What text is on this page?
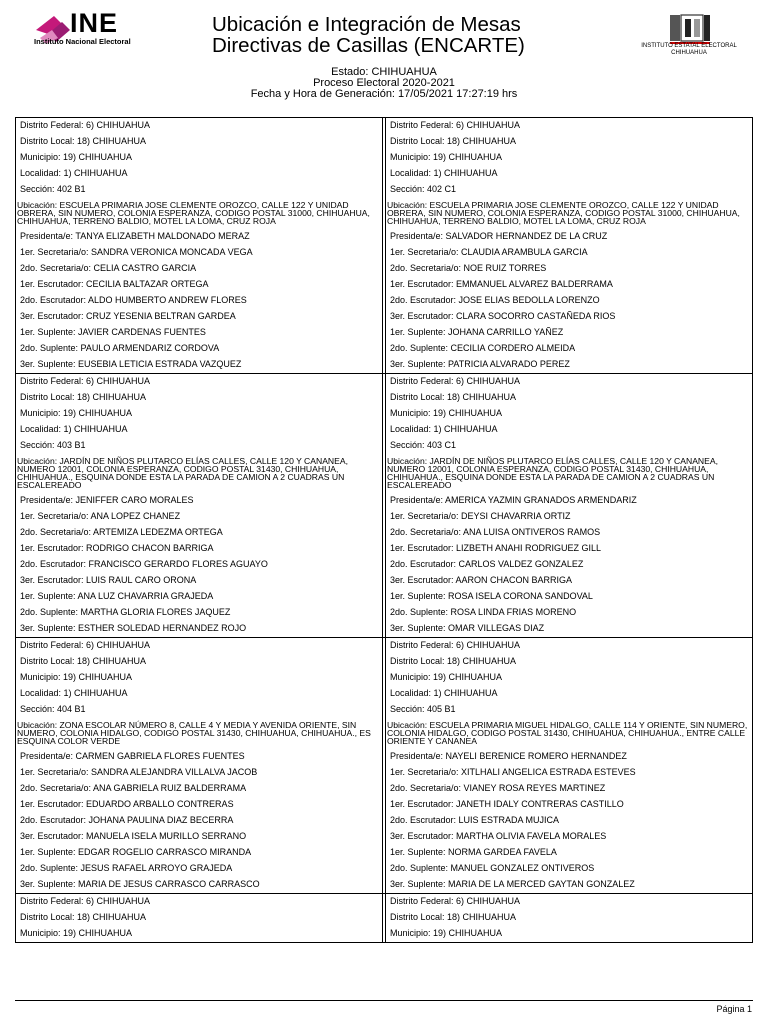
INE
Instituto Nacional Electoral
Ubicación e Integración de Mesas
Directivas de Casillas (ENCARTE)	INSTITUTO ESTATAL ELECTORAL
CHIHUAHUA
Estado: CHIHUAHUA
Proceso Electoral 2020-2021
Fecha y Hora de Generación: 17/05/2021 17:27:19 hrs
Distrito Federal: 6) CHIHUAHUA
Distrito Local: 18) CHIHUAHUA
Municipio: 19) CHIHUAHUA
Localidad: 1) CHIHUAHUA
Sección: 402 B1
Ubicación: ESCUELA PRIMARIA JOSE CLEMENTE OROZCO, CALLE 122 Y UNIDAD OBRERA, SIN NUMERO, COLONIA ESPERANZA, CODIGO POSTAL 31000, CHIHUAHUA, CHIHUAHUA, TERRENO BALDIO, MOTEL LA LOMA, CRUZ ROJA
Presidenta/e: TANYA ELIZABETH MALDONADO MERAZ
1er. Secretaria/o: SANDRA VERONICA MONCADA VEGA
2do. Secretaria/o: CELIA CASTRO GARCIA
1er. Escrutador: CECILIA BALTAZAR ORTEGA
2do. Escrutador: ALDO HUMBERTO ANDREW FLORES
3er. Escrutador: CRUZ YESENIA BELTRAN GARDEA
1er. Suplente: JAVIER CARDENAS FUENTES
2do. Suplente: PAULO ARMENDARIZ CORDOVA
3er. Suplente: EUSEBIA LETICIA ESTRADA VAZQUEZ
Distrito Federal: 6) CHIHUAHUA
Distrito Local: 18) CHIHUAHUA
Municipio: 19) CHIHUAHUA
Localidad: 1) CHIHUAHUA
Sección: 402 C1
Ubicación: ESCUELA PRIMARIA JOSE CLEMENTE OROZCO, CALLE 122 Y UNIDAD OBRERA, SIN NUMERO, COLONIA ESPERANZA, CODIGO POSTAL 31000, CHIHUAHUA, CHIHUAHUA, TERRENO BALDIO, MOTEL LA LOMA, CRUZ ROJA
Presidenta/e: SALVADOR HERNANDEZ DE LA CRUZ
1er. Secretaria/o: CLAUDIA ARAMBULA GARCIA
2do. Secretaria/o: NOE RUIZ TORRES
1er. Escrutador: EMMANUEL ALVAREZ BALDERRAMA
2do. Escrutador: JOSE ELIAS BEDOLLA LORENZO
3er. Escrutador: CLARA SOCORRO CASTAÑEDA RIOS
1er. Suplente: JOHANA CARRILLO YAÑEZ
2do. Suplente: CECILIA CORDERO ALMEIDA
3er. Suplente: PATRICIA ALVARADO PEREZ
Distrito Federal: 6) CHIHUAHUA
Distrito Local: 18) CHIHUAHUA
Municipio: 19) CHIHUAHUA
Localidad: 1) CHIHUAHUA
Sección: 403 B1
Ubicación: JARDÍN DE NIÑOS PLUTARCO ELÍAS CALLES, CALLE 120 Y CANANEA, NUMERO 12001, COLONIA ESPERANZA, CODIGO POSTAL 31430, CHIHUAHUA, CHIHUAHUA., ESQUINA DONDE ESTA LA PARADA DE CAMION A 2 CUADRAS UN ESCALEREADO
Presidenta/e: JENIFFER CARO MORALES
1er. Secretaria/o: ANA LOPEZ CHANEZ
2do. Secretaria/o: ARTEMIZA LEDEZMA ORTEGA
1er. Escrutador: RODRIGO CHACON BARRIGA
2do. Escrutador: FRANCISCO GERARDO FLORES AGUAYO
3er. Escrutador: LUIS RAUL CARO ORONA
1er. Suplente: ANA LUZ CHAVARRIA GRAJEDA
2do. Suplente: MARTHA GLORIA FLORES JAQUEZ
3er. Suplente: ESTHER SOLEDAD HERNANDEZ ROJO
Distrito Federal: 6) CHIHUAHUA
Distrito Local: 18) CHIHUAHUA
Municipio: 19) CHIHUAHUA
Localidad: 1) CHIHUAHUA
Sección: 403 C1
Ubicación: JARDÍN DE NIÑOS PLUTARCO ELÍAS CALLES, CALLE 120 Y CANANEA, NUMERO 12001, COLONIA ESPERANZA, CODIGO POSTAL 31430, CHIHUAHUA, CHIHUAHUA., ESQUINA DONDE ESTA LA PARADA DE CAMION A 2 CUADRAS UN ESCALEREADO
Presidenta/e: AMERICA YAZMIN GRANADOS ARMENDARIZ
1er. Secretaria/o: DEYSI CHAVARRIA ORTIZ
2do. Secretaria/o: ANA LUISA ONTIVEROS RAMOS
1er. Escrutador: LIZBETH ANAHI RODRIGUEZ GILL
2do. Escrutador: CARLOS VALDEZ GONZALEZ
3er. Escrutador: AARON CHACON BARRIGA
1er. Suplente: ROSA ISELA CORONA SANDOVAL
2do. Suplente: ROSA LINDA FRIAS MORENO
3er. Suplente: OMAR VILLEGAS DIAZ
Distrito Federal: 6) CHIHUAHUA
Distrito Local: 18) CHIHUAHUA
Municipio: 19) CHIHUAHUA
Localidad: 1) CHIHUAHUA
Sección: 404 B1
Ubicación: ZONA ESCOLAR NÚMERO 8, CALLE 4 Y MEDIA Y AVENIDA ORIENTE, SIN NUMERO, COLONIA HIDALGO, CODIGO POSTAL 31430, CHIHUAHUA, CHIHUAHUA., ES ESQUINA COLOR VERDE
Presidenta/e: CARMEN GABRIELA FLORES FUENTES
1er. Secretaria/o: SANDRA ALEJANDRA VILLALVA JACOB
2do. Secretaria/o: ANA GABRIELA RUIZ BALDERRAMA
1er. Escrutador: EDUARDO ARBALLO CONTRERAS
2do. Escrutador: JOHANA PAULINA DIAZ BECERRA
3er. Escrutador: MANUELA ISELA MURILLO SERRANO
1er. Suplente: EDGAR ROGELIO CARRASCO MIRANDA
2do. Suplente: JESUS RAFAEL ARROYO GRAJEDA
3er. Suplente: MARIA DE JESUS CARRASCO CARRASCO
Distrito Federal: 6) CHIHUAHUA
Distrito Local: 18) CHIHUAHUA
Municipio: 19) CHIHUAHUA
Localidad: 1) CHIHUAHUA
Sección: 405 B1
Ubicación: ESCUELA PRIMARIA MIGUEL HIDALGO, CALLE 114 Y ORIENTE, SIN NUMERO, COLONIA HIDALGO, CODIGO POSTAL 31430, CHIHUAHUA, CHIHUAHUA., ENTRE CALLE ORIENTE Y CANANEA
Presidenta/e: NAYELI BERENICE ROMERO HERNANDEZ
1er. Secretaria/o: XITLHALI ANGELICA ESTRADA ESTEVES
2do. Secretaria/o: VIANEY ROSA REYES MARTINEZ
1er. Escrutador: JANETH IDALY CONTRERAS CASTILLO
2do. Escrutador: LUIS ESTRADA MUJICA
3er. Escrutador: MARTHA OLIVIA FAVELA MORALES
1er. Suplente: NORMA GARDEA FAVELA
2do. Suplente: MANUEL GONZALEZ ONTIVEROS
3er. Suplente: MARIA DE LA MERCED GAYTAN GONZALEZ
Distrito Federal: 6) CHIHUAHUA
Distrito Local: 18) CHIHUAHUA
Municipio: 19) CHIHUAHUA
Distrito Federal: 6) CHIHUAHUA
Distrito Local: 18) CHIHUAHUA
Municipio: 19) CHIHUAHUA
Página 1
